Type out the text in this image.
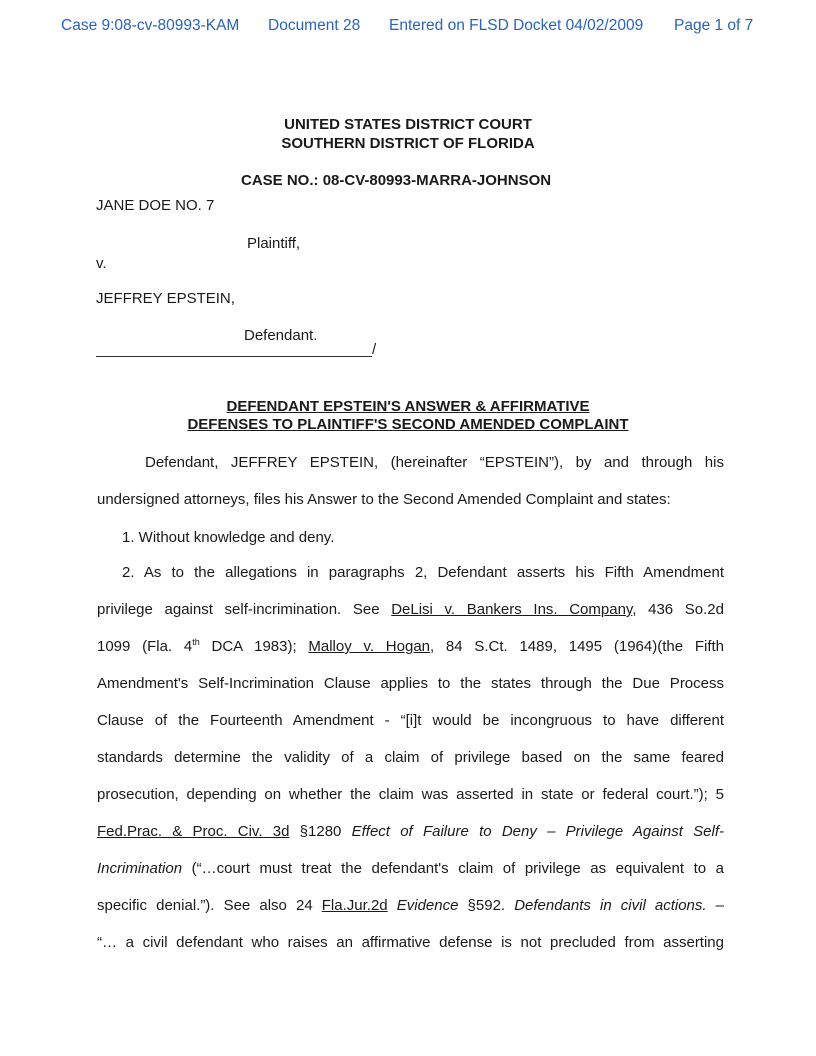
Case 9:08-cv-80993-KAM Document 28 Entered on FLSD Docket 04/02/2009 Page 1 of 7
UNITED STATES DISTRICT COURT
SOUTHERN DISTRICT OF FLORIDA
CASE NO.: 08-CV-80993-MARRA-JOHNSON
JANE DOE NO. 7
Plaintiff,
v.
JEFFREY EPSTEIN,
Defendant.
/
DEFENDANT EPSTEIN'S ANSWER & AFFIRMATIVE
DEFENSES TO PLAINTIFF'S SECOND AMENDED COMPLAINT
Defendant, JEFFREY EPSTEIN, (hereinafter “EPSTEIN”), by and through his
undersigned attorneys, files his Answer to the Second Amended Complaint and states:
1. Without knowledge and deny.
2. As to the allegations in paragraphs 2, Defendant asserts his Fifth Amendment
privilege against self-incrimination. See DeLisi v. Bankers Ins. Company, 436 So.2d
1099 (Fla. 4th DCA 1983); Malloy v. Hogan, 84 S.Ct. 1489, 1495 (1964)(the Fifth
Amendment's Self-Incrimination Clause applies to the states through the Due Process
Clause of the Fourteenth Amendment - “[i]t would be incongruous to have different
standards determine the validity of a claim of privilege based on the same feared
prosecution, depending on whether the claim was asserted in state or federal court.”); 5
Fed.Prac. & Proc. Civ. 3d §1280 Effect of Failure to Deny – Privilege Against Self-
Incrimination (“…court must treat the defendant's claim of privilege as equivalent to a
specific denial.”). See also 24 Fla.Jur.2d Evidence §592. Defendants in civil actions. –
“… a civil defendant who raises an affirmative defense is not precluded from asserting
